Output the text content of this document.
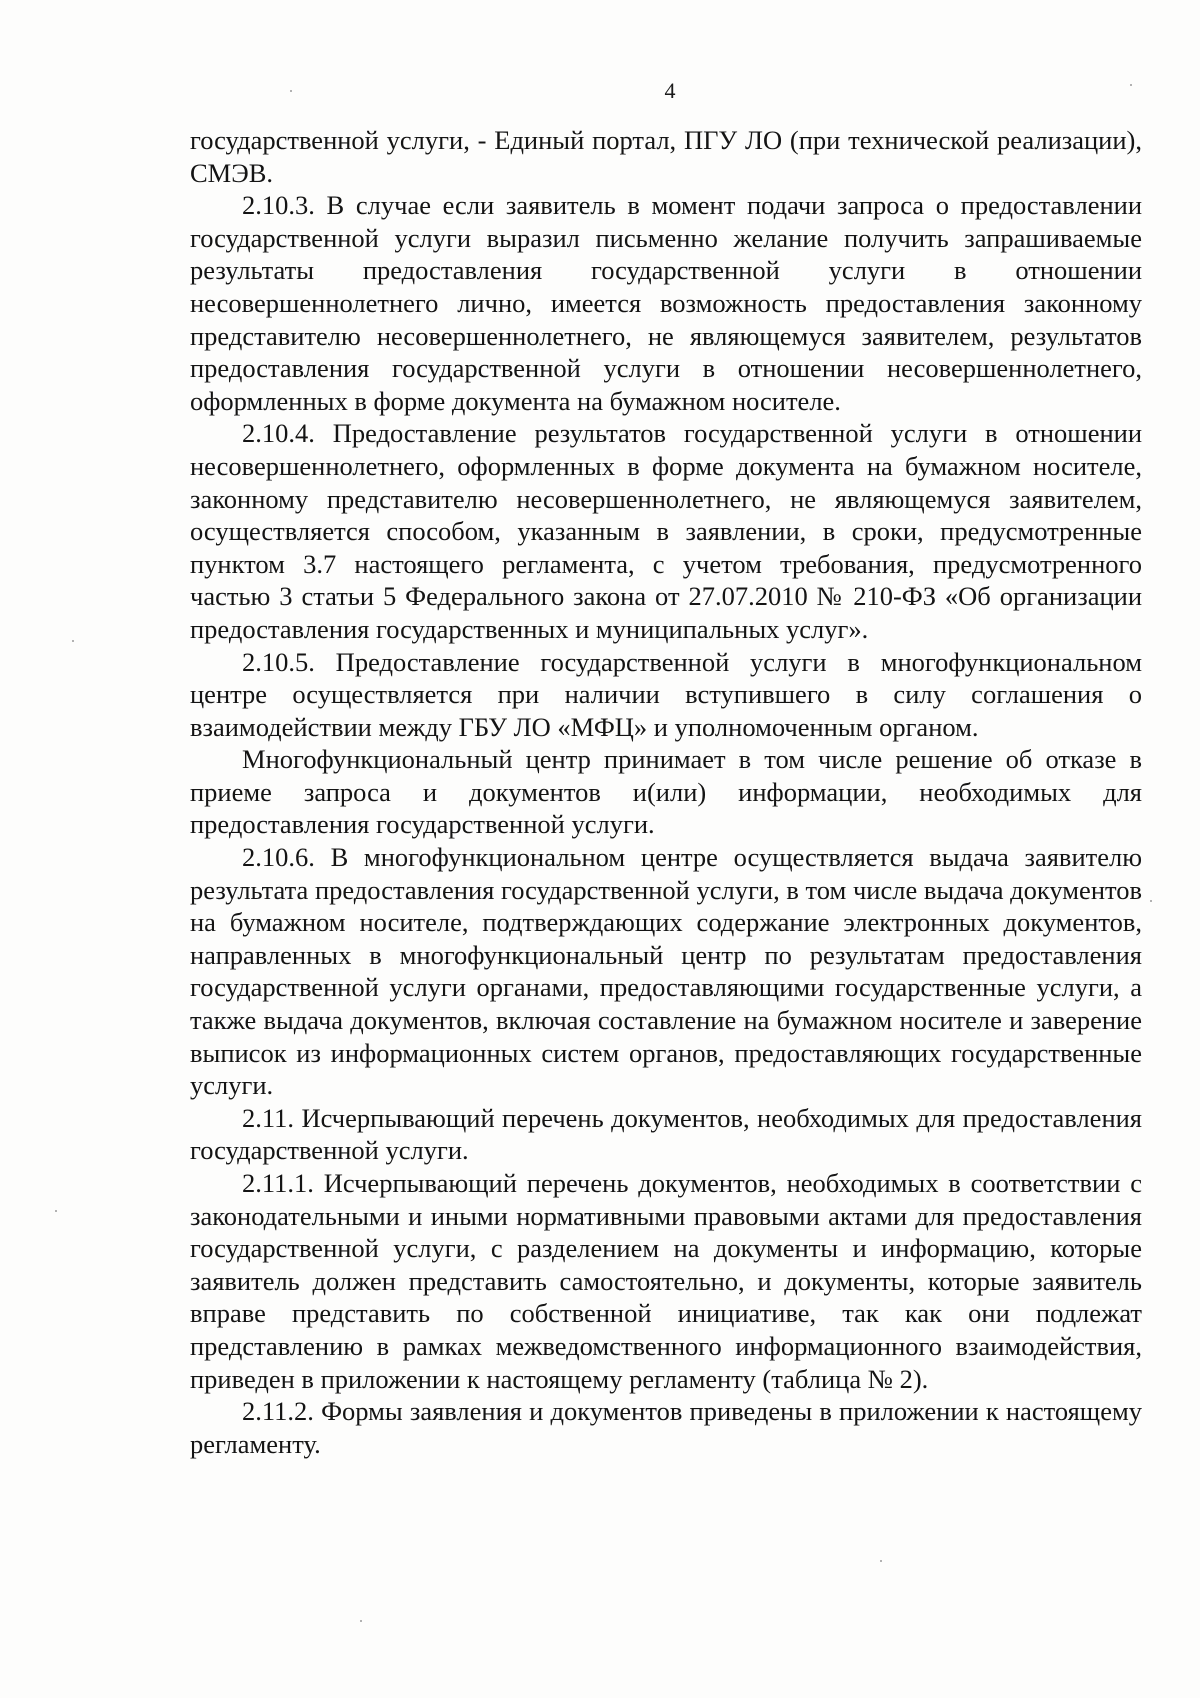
4

государственной услуги, - Единый портал, ПГУ ЛО (при технической реализации), СМЭВ.

2.10.3. В случае если заявитель в момент подачи запроса о предоставлении государственной услуги выразил письменно желание получить запрашиваемые результаты предоставления государственной услуги в отношении несовершеннолетнего лично, имеется возможность предоставления законному представителю несовершеннолетнего, не являющемуся заявителем, результатов предоставления государственной услуги в отношении несовершеннолетнего, оформленных в форме документа на бумажном носителе.

2.10.4. Предоставление результатов государственной услуги в отношении несовершеннолетнего, оформленных в форме документа на бумажном носителе, законному представителю несовершеннолетнего, не являющемуся заявителем, осуществляется способом, указанным в заявлении, в сроки, предусмотренные пунктом 3.7 настоящего регламента, с учетом требования, предусмотренного частью 3 статьи 5 Федерального закона от 27.07.2010 № 210-ФЗ «Об организации предоставления государственных и муниципальных услуг».

2.10.5. Предоставление государственной услуги в многофункциональном центре осуществляется при наличии вступившего в силу соглашения о взаимодействии между ГБУ ЛО «МФЦ» и уполномоченным органом.

Многофункциональный центр принимает в том числе решение об отказе в приеме запроса и документов и(или) информации, необходимых для предоставления государственной услуги.

2.10.6. В многофункциональном центре осуществляется выдача заявителю результата предоставления государственной услуги, в том числе выдача документов на бумажном носителе, подтверждающих содержание электронных документов, направленных в многофункциональный центр по результатам предоставления государственной услуги органами, предоставляющими государственные услуги, а также выдача документов, включая составление на бумажном носителе и заверение выписок из информационных систем органов, предоставляющих государственные услуги.

2.11. Исчерпывающий перечень документов, необходимых для предоставления государственной услуги.

2.11.1. Исчерпывающий перечень документов, необходимых в соответствии с законодательными и иными нормативными правовыми актами для предоставления государственной услуги, с разделением на документы и информацию, которые заявитель должен представить самостоятельно, и документы, которые заявитель вправе представить по собственной инициативе, так как они подлежат представлению в рамках межведомственного информационного взаимодействия, приведен в приложении к настоящему регламенту (таблица № 2).

2.11.2. Формы заявления и документов приведены в приложении к настоящему регламенту.
